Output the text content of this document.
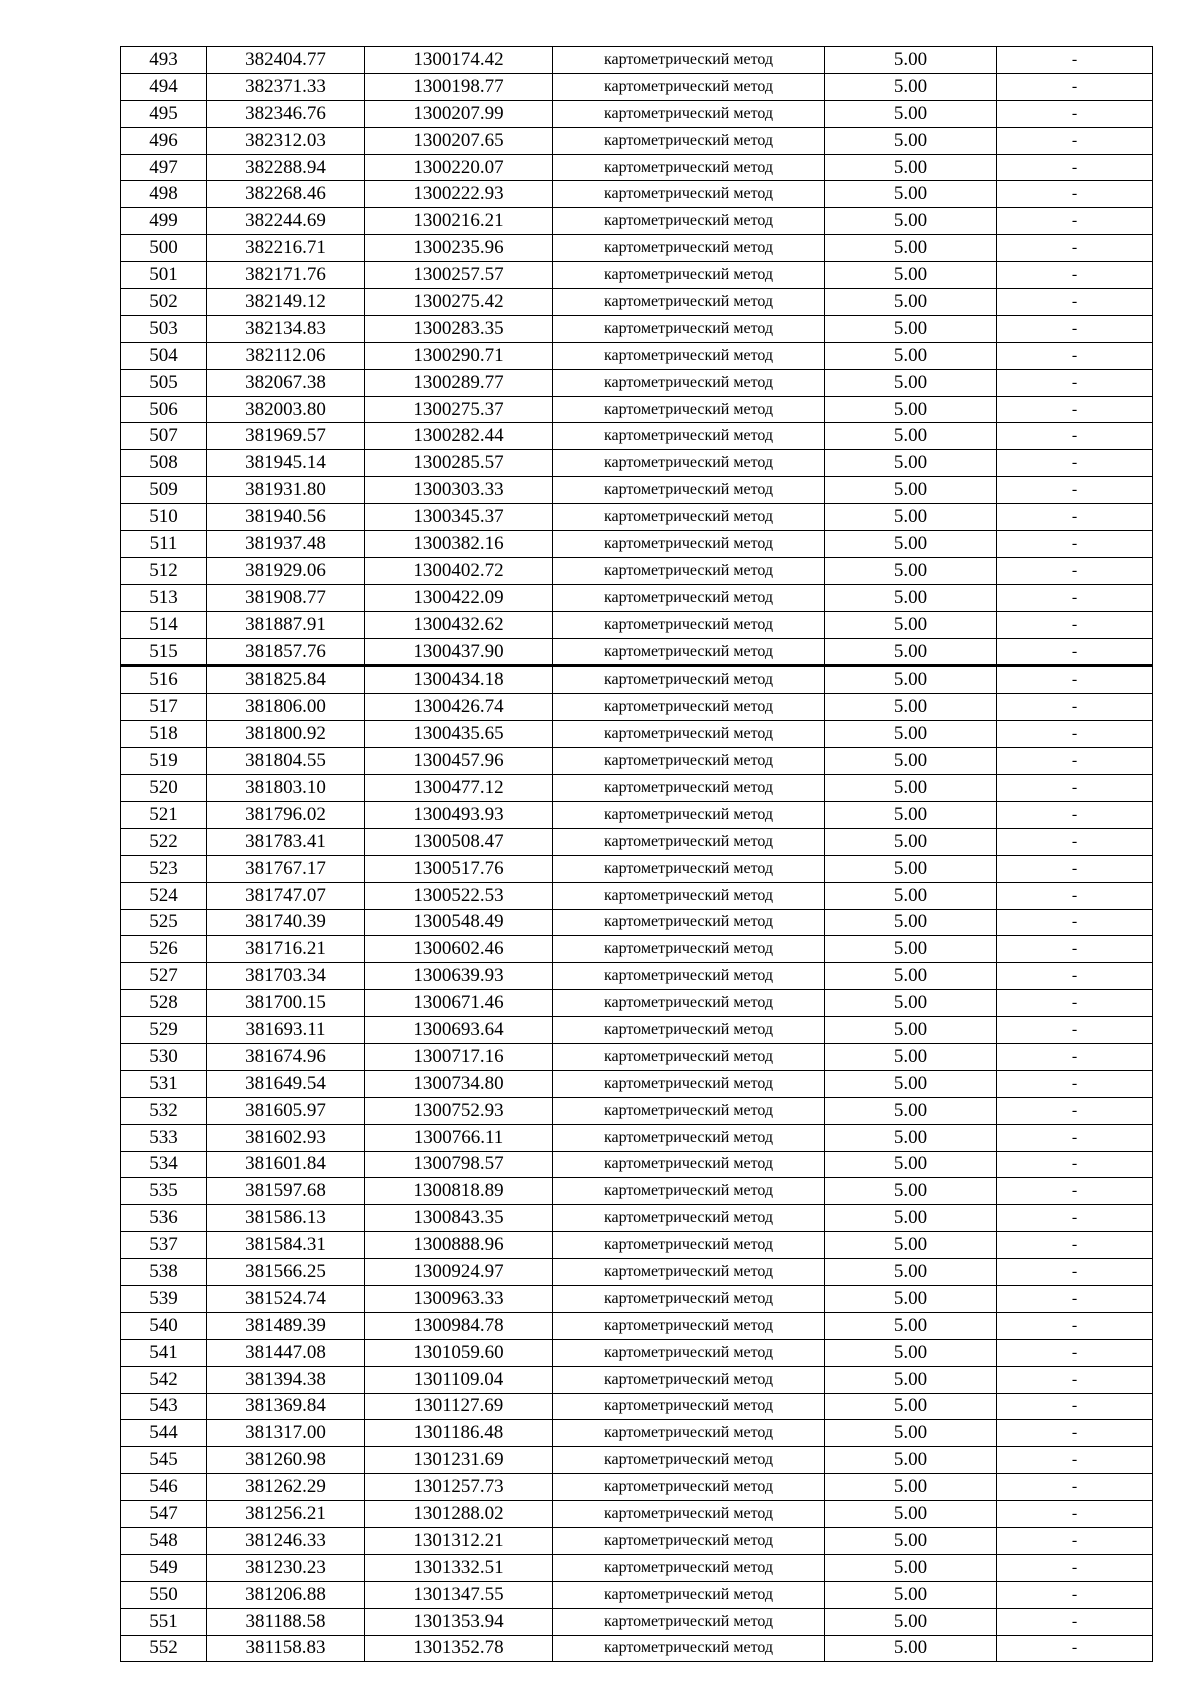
493	382404.77	1300174.42	картометрический метод	5.00	-
494	382371.33	1300198.77	картометрический метод	5.00	-
495	382346.76	1300207.99	картометрический метод	5.00	-
496	382312.03	1300207.65	картометрический метод	5.00	-
497	382288.94	1300220.07	картометрический метод	5.00	-
498	382268.46	1300222.93	картометрический метод	5.00	-
499	382244.69	1300216.21	картометрический метод	5.00	-
500	382216.71	1300235.96	картометрический метод	5.00	-
501	382171.76	1300257.57	картометрический метод	5.00	-
502	382149.12	1300275.42	картометрический метод	5.00	-
503	382134.83	1300283.35	картометрический метод	5.00	-
504	382112.06	1300290.71	картометрический метод	5.00	-
505	382067.38	1300289.77	картометрический метод	5.00	-
506	382003.80	1300275.37	картометрический метод	5.00	-
507	381969.57	1300282.44	картометрический метод	5.00	-
508	381945.14	1300285.57	картометрический метод	5.00	-
509	381931.80	1300303.33	картометрический метод	5.00	-
510	381940.56	1300345.37	картометрический метод	5.00	-
511	381937.48	1300382.16	картометрический метод	5.00	-
512	381929.06	1300402.72	картометрический метод	5.00	-
513	381908.77	1300422.09	картометрический метод	5.00	-
514	381887.91	1300432.62	картометрический метод	5.00	-
515	381857.76	1300437.90	картометрический метод	5.00	-
516	381825.84	1300434.18	картометрический метод	5.00	-
517	381806.00	1300426.74	картометрический метод	5.00	-
518	381800.92	1300435.65	картометрический метод	5.00	-
519	381804.55	1300457.96	картометрический метод	5.00	-
520	381803.10	1300477.12	картометрический метод	5.00	-
521	381796.02	1300493.93	картометрический метод	5.00	-
522	381783.41	1300508.47	картометрический метод	5.00	-
523	381767.17	1300517.76	картометрический метод	5.00	-
524	381747.07	1300522.53	картометрический метод	5.00	-
525	381740.39	1300548.49	картометрический метод	5.00	-
526	381716.21	1300602.46	картометрический метод	5.00	-
527	381703.34	1300639.93	картометрический метод	5.00	-
528	381700.15	1300671.46	картометрический метод	5.00	-
529	381693.11	1300693.64	картометрический метод	5.00	-
530	381674.96	1300717.16	картометрический метод	5.00	-
531	381649.54	1300734.80	картометрический метод	5.00	-
532	381605.97	1300752.93	картометрический метод	5.00	-
533	381602.93	1300766.11	картометрический метод	5.00	-
534	381601.84	1300798.57	картометрический метод	5.00	-
535	381597.68	1300818.89	картометрический метод	5.00	-
536	381586.13	1300843.35	картометрический метод	5.00	-
537	381584.31	1300888.96	картометрический метод	5.00	-
538	381566.25	1300924.97	картометрический метод	5.00	-
539	381524.74	1300963.33	картометрический метод	5.00	-
540	381489.39	1300984.78	картометрический метод	5.00	-
541	381447.08	1301059.60	картометрический метод	5.00	-
542	381394.38	1301109.04	картометрический метод	5.00	-
543	381369.84	1301127.69	картометрический метод	5.00	-
544	381317.00	1301186.48	картометрический метод	5.00	-
545	381260.98	1301231.69	картометрический метод	5.00	-
546	381262.29	1301257.73	картометрический метод	5.00	-
547	381256.21	1301288.02	картометрический метод	5.00	-
548	381246.33	1301312.21	картометрический метод	5.00	-
549	381230.23	1301332.51	картометрический метод	5.00	-
550	381206.88	1301347.55	картометрический метод	5.00	-
551	381188.58	1301353.94	картометрический метод	5.00	-
552	381158.83	1301352.78	картометрический метод	5.00	-
